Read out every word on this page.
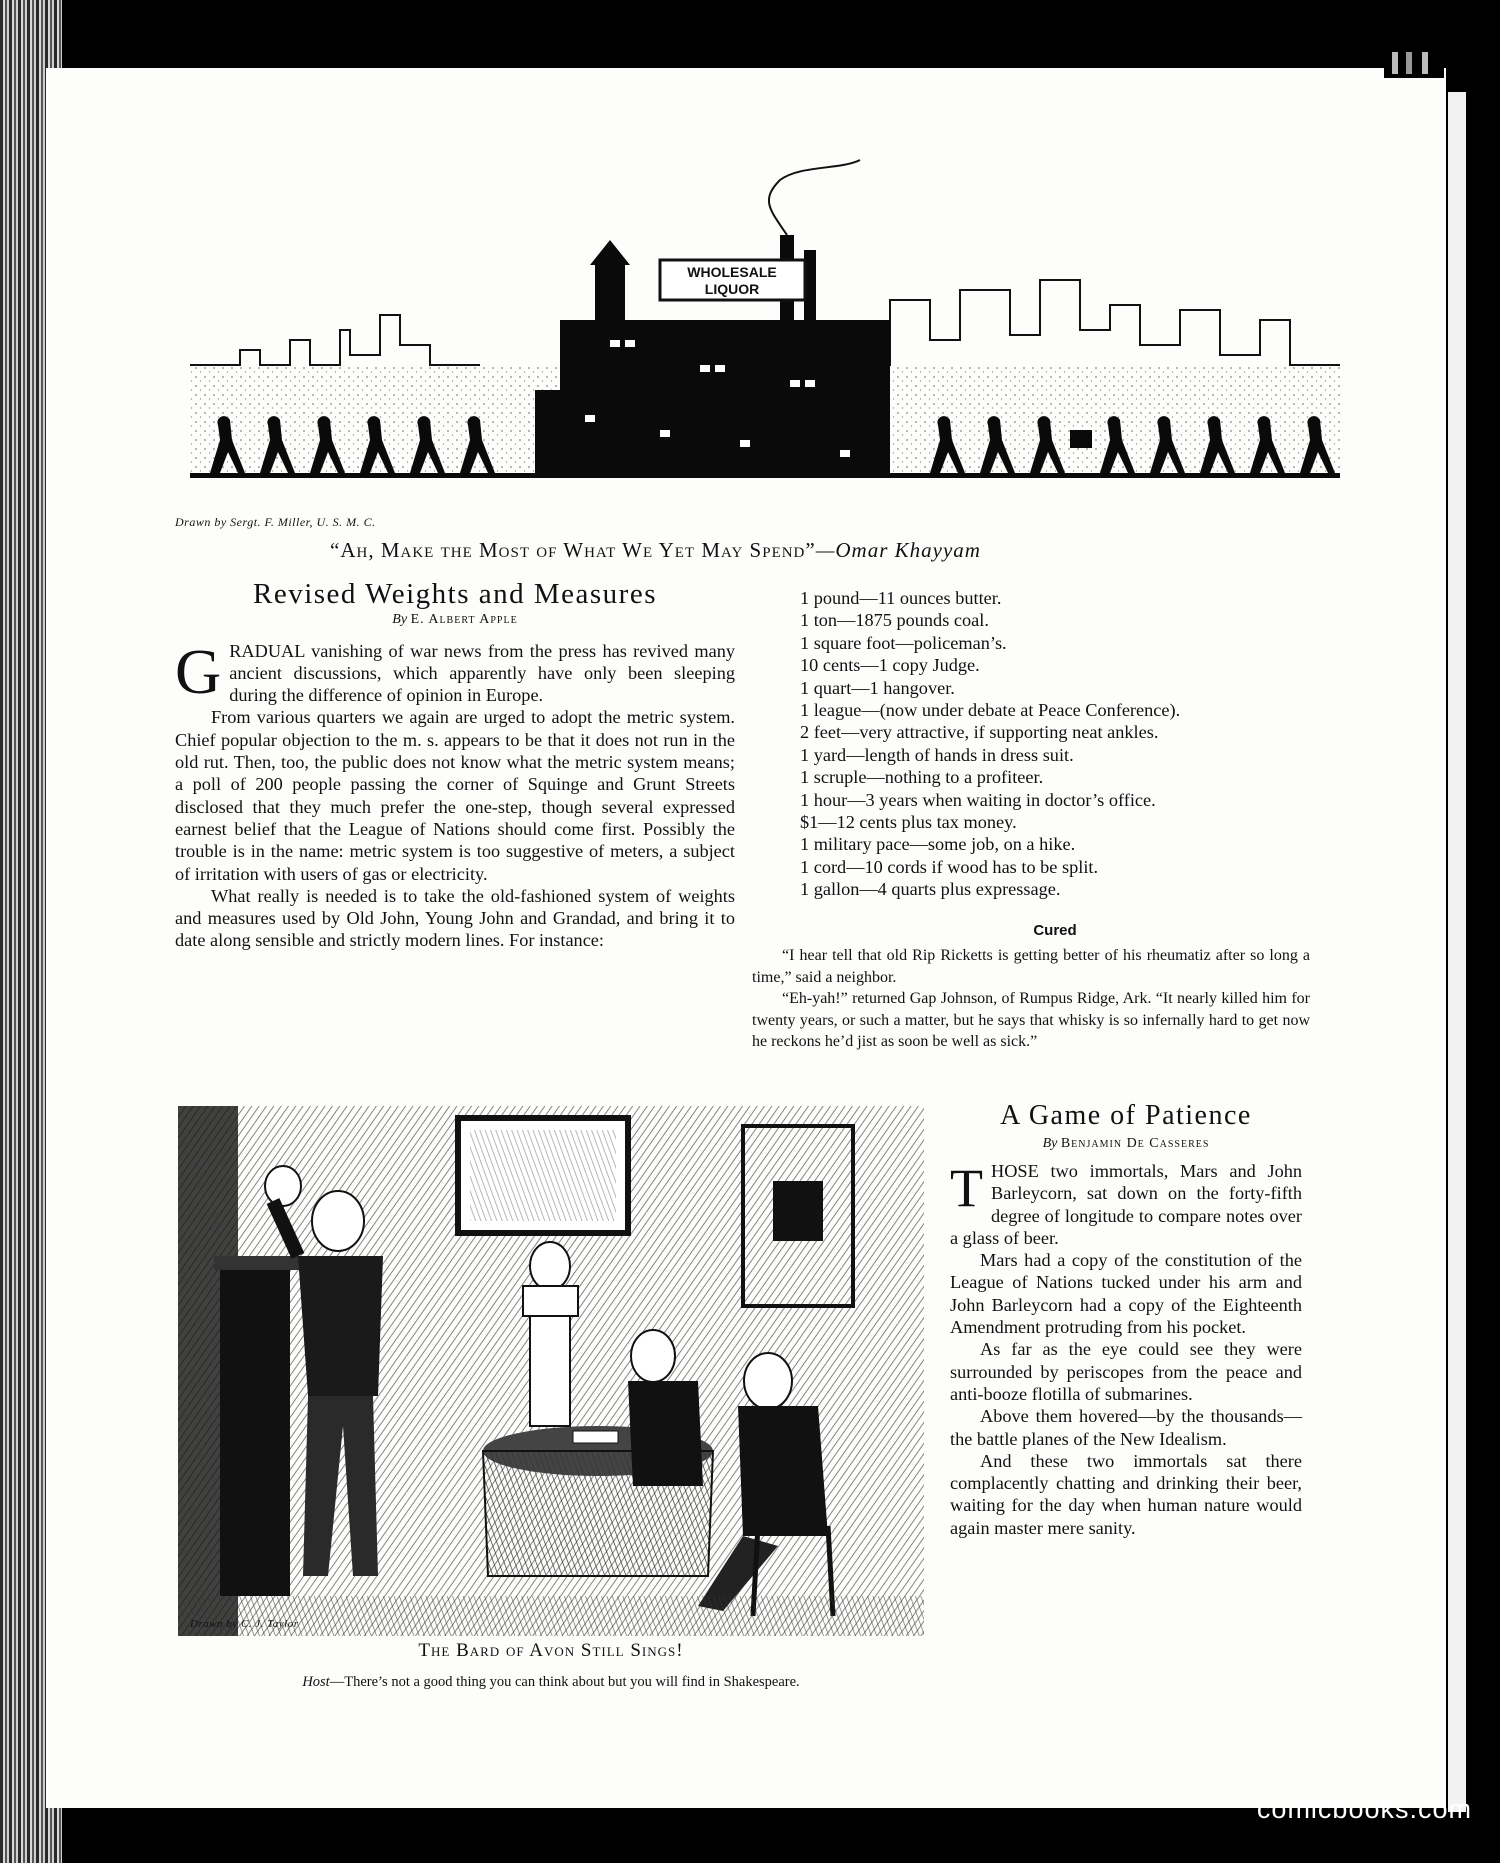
WHOLESALE
LIQUOR
Drawn by Sergt. F. Miller, U. S. M. C.
“Ah, Make the Most of What We Yet May Spend”—Omar Khayyam
Revised Weights and Measures
By E. Albert Apple

GRADUAL vanishing of war news from the press has revived many ancient discussions, which apparently have only been sleeping during the difference of opinion in Europe.

From various quarters we again are urged to adopt the metric system. Chief popular objection to the m. s. appears to be that it does not run in the old rut. Then, too, the public does not know what the metric system means; a poll of 200 people passing the corner of Squinge and Grunt Streets disclosed that they much prefer the one-step, though several expressed earnest belief that the League of Nations should come first. Possibly the trouble is in the name: metric system is too suggestive of meters, a subject of irritation with users of gas or electricity.

What really is needed is to take the old-fashioned system of weights and measures used by Old John, Young John and Grandad, and bring it to date along sensible and strictly modern lines. For instance:

1 pound—11 ounces butter.
1 ton—1875 pounds coal.
1 square foot—policeman’s.
10 cents—1 copy Judge.
1 quart—1 hangover.
1 league—(now under debate at Peace Conference).
2 feet—very attractive, if supporting neat ankles.
1 yard—length of hands in dress suit.
1 scruple—nothing to a profiteer.
1 hour—3 years when waiting in doctor’s office.
$1—12 cents plus tax money.
1 military pace—some job, on a hike.
1 cord—10 cords if wood has to be split.
1 gallon—4 quarts plus expressage.
Cured

“I hear tell that old Rip Ricketts is getting better of his rheumatiz after so long a time,” said a neighbor.

“Eh-yah!” returned Gap Johnson, of Rumpus Ridge, Ark. “It nearly killed him for twenty years, or such a matter, but he says that whisky is so infernally hard to get now he reckons he’d jist as soon be well as sick.”

Drawn by C. J. Taylor
The Bard of Avon Still Sings!
Host—There’s not a good thing you can think about but you will find in Shakespeare.
A Game of Patience
By Benjamin De Casseres

THOSE two immortals, Mars and John Barleycorn, sat down on the forty-fifth degree of longitude to compare notes over a glass of beer.

Mars had a copy of the constitution of the League of Nations tucked under his arm and John Barleycorn had a copy of the Eighteenth Amendment protruding from his pocket.

As far as the eye could see they were surrounded by periscopes from the peace and anti-booze flotilla of submarines.

Above them hovered—by the thousands—the battle planes of the New Idealism.

And these two immortals sat there complacently chatting and drinking their beer, waiting for the day when human nature would again master mere sanity.

comicbooks.com
